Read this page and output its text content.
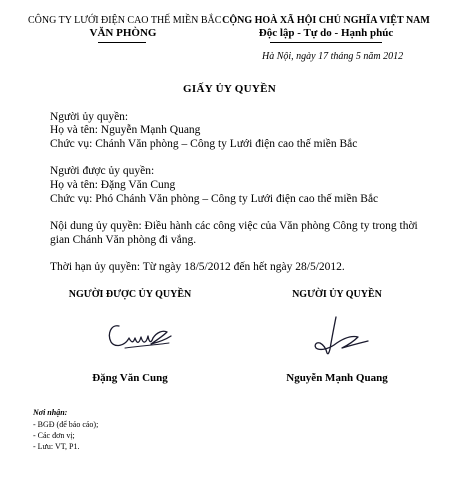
CÔNG TY LƯỚI ĐIỆN CAO THẾ MIỀN BẮC
VĂN PHÒNG
CỘNG HOÀ XÃ HỘI CHỦ NGHĨA VIỆT NAM
Độc lập - Tự do - Hạnh phúc
Hà Nội, ngày 17 tháng 5 năm 2012
GIẤY ỦY QUYỀN
Người ủy quyền:
Họ và tên: Nguyễn Mạnh Quang
Chức vụ: Chánh Văn phòng – Công ty Lưới điện cao thế miền Bắc
Người được ủy quyền:
Họ và tên: Đặng Văn Cung
Chức vụ: Phó Chánh Văn phòng – Công ty Lưới điện cao thế miền Bắc
Nội dung ủy quyền: Điều hành các công việc của Văn phòng Công ty trong thời
gian Chánh Văn phòng đi vắng.
Thời hạn ủy quyền: Từ ngày 18/5/2012 đến hết ngày 28/5/2012.
NGƯỜI ĐƯỢC ỦY QUYỀN	NGƯỜI ỦY QUYỀN
Đặng Văn Cung	Nguyễn Mạnh Quang
Nơi nhận:
- BGĐ (để báo cáo);
- Các đơn vị;
- Lưu: VT, P1.
